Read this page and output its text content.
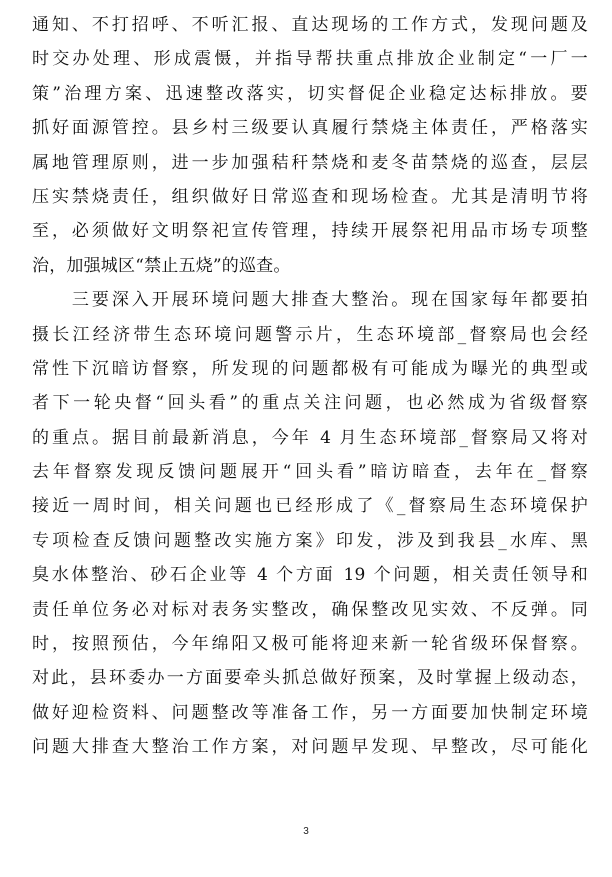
通知、不打招呼、不听汇报、直达现场的工作方式，发现问题及
时交办处理、形成震慑，并指导帮扶重点排放企业制定“一厂一
策”治理方案、迅速整改落实，切实督促企业稳定达标排放。要
抓好面源管控。县乡村三级要认真履行禁烧主体责任，严格落实
属地管理原则，进一步加强秸秆禁烧和麦冬苗禁烧的巡查，层层
压实禁烧责任，组织做好日常巡查和现场检查。尤其是清明节将
至，必须做好文明祭祀宣传管理，持续开展祭祀用品市场专项整
治，加强城区“禁止五烧”的巡查。
　　三要深入开展环境问题大排查大整治。现在国家每年都要拍
摄长江经济带生态环境问题警示片，生态环境部_督察局也会经
常性下沉暗访督察，所发现的问题都极有可能成为曝光的典型或
者下一轮央督“回头看”的重点关注问题，也必然成为省级督察
的重点。据目前最新消息，今年 4 月生态环境部_督察局又将对
去年督察发现反馈问题展开“回头看”暗访暗查，去年在_督察
接近一周时间，相关问题也已经形成了《_督察局生态环境保护
专项检查反馈问题整改实施方案》印发，涉及到我县_水库、黑
臭水体整治、砂石企业等 4 个方面 19 个问题，相关责任领导和
责任单位务必对标对表务实整改，确保整改见实效、不反弹。同
时，按照预估，今年绵阳又极可能将迎来新一轮省级环保督察。
对此，县环委办一方面要牵头抓总做好预案，及时掌握上级动态，
做好迎检资料、问题整改等准备工作，另一方面要加快制定环境
问题大排查大整治工作方案，对问题早发现、早整改，尽可能化
3
